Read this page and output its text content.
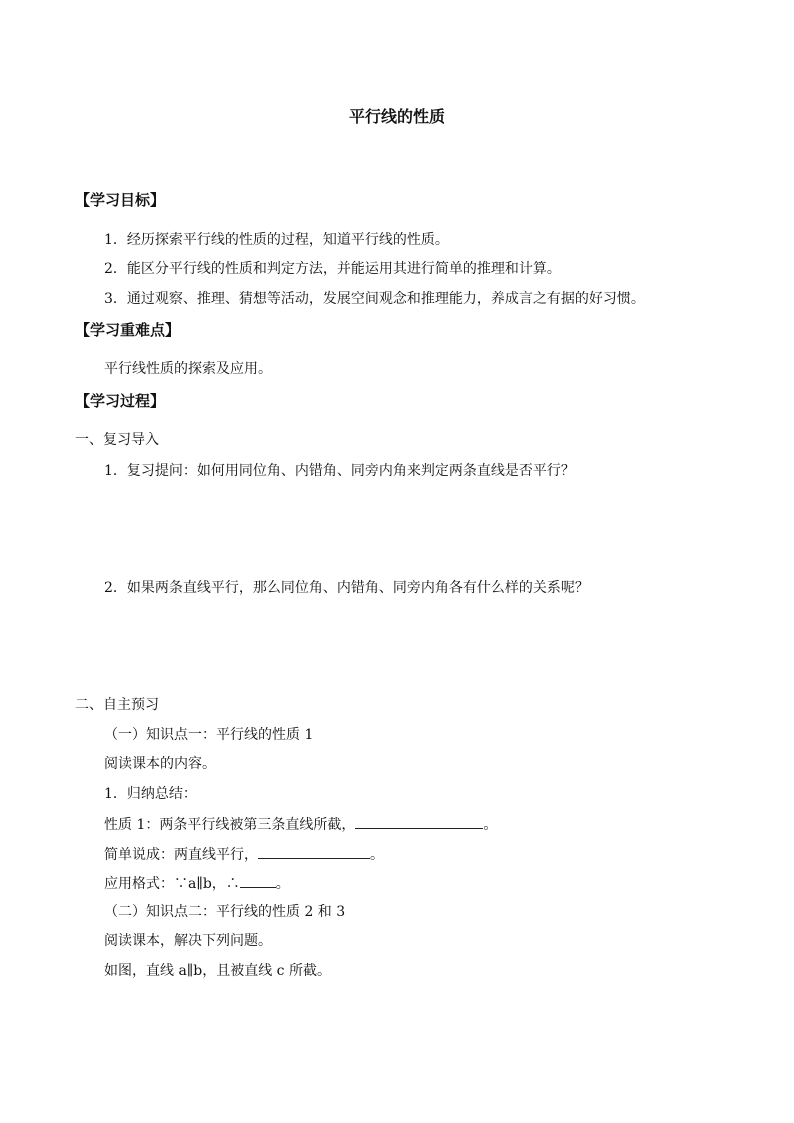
平行线的性质
【学习目标】
1．经历探索平行线的性质的过程，知道平行线的性质。
2．能区分平行线的性质和判定方法，并能运用其进行简单的推理和计算。
3．通过观察、推理、猜想等活动，发展空间观念和推理能力，养成言之有据的好习惯。
【学习重难点】
平行线性质的探索及应用。
【学习过程】
一、复习导入
1．复习提问：如何用同位角、内错角、同旁内角来判定两条直线是否平行？
2．如果两条直线平行，那么同位角、内错角、同旁内角各有什么样的关系呢？
二、自主预习
（一）知识点一：平行线的性质 1
阅读课本的内容。
1．归纳总结：
性质 1：两条平行线被第三条直线所截，	。
简单说成：两直线平行，	。
应用格式：∵a∥b，∴	。
（二）知识点二：平行线的性质 2 和 3
阅读课本，解决下列问题。
如图，直线 a∥b，且被直线 c 所截。
